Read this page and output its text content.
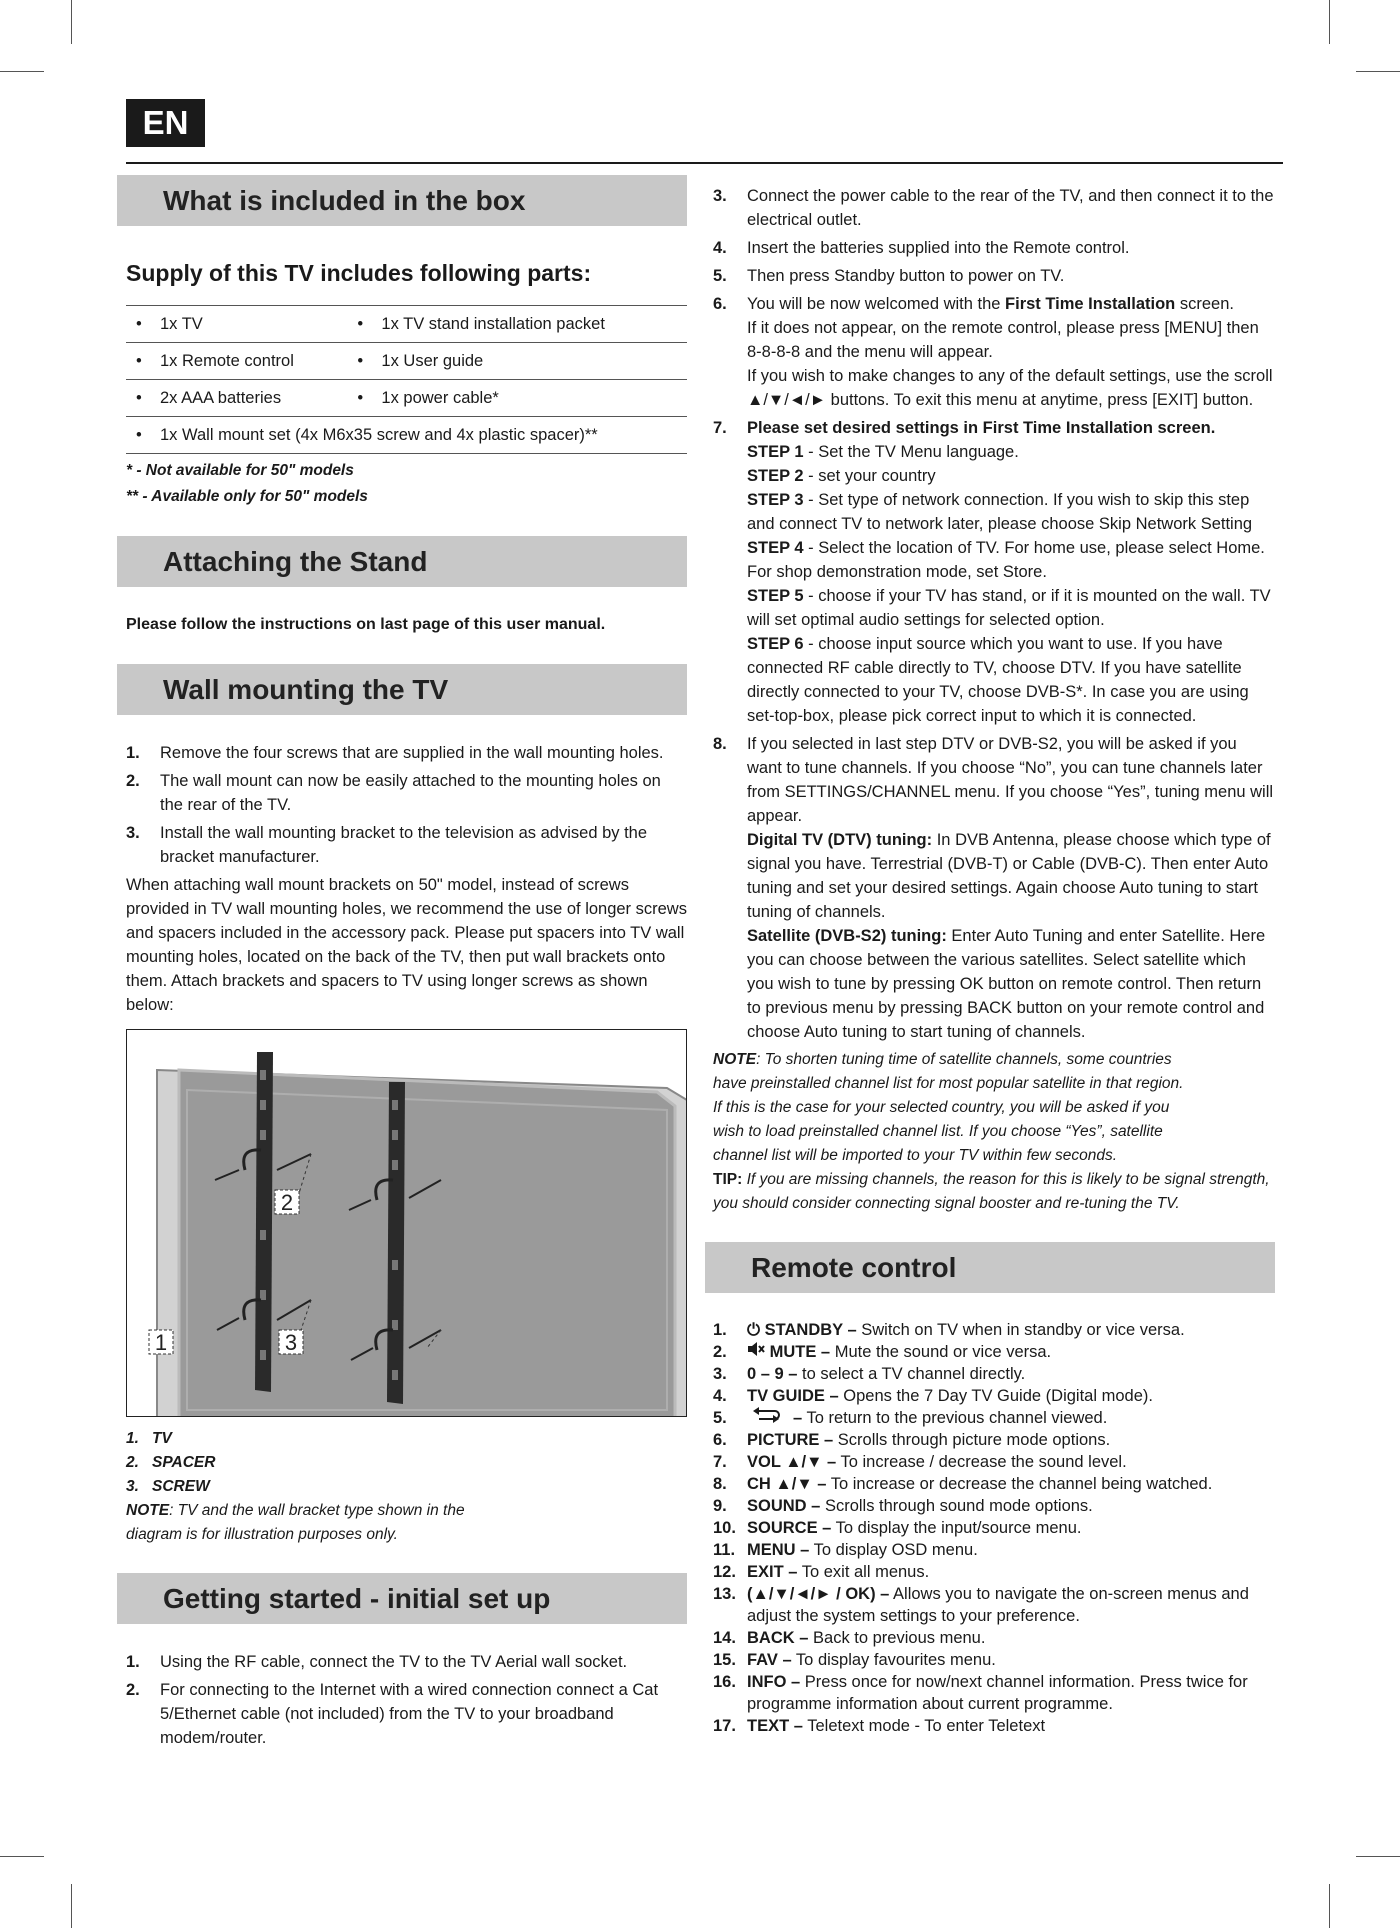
EN
What is included in the box
Supply of this TV includes following parts:
• 1x TV	• 1x TV stand installation packet
• 1x Remote control	• 1x User guide
• 2x AAA batteries	• 1x power cable*
• 1x Wall mount set (4x M6x35 screw and 4x plastic spacer)**	
* - Not available for 50" models
** - Available only for 50" models
Attaching the Stand

Please follow the instructions on last page of this user manual.

Wall mounting the TV
1.	Remove the four screws that are supplied in the wall mounting holes.
2.	The wall mount can now be easily attached to the mounting holes on the rear of the TV.
3.	Install the wall mounting bracket to the television as advised by the bracket manufacturer.

When attaching wall mount brackets on 50" model, instead of screws provided in TV wall mounting holes, we recommend the use of longer screws and spacers included in the accessory pack. Please put spacers into TV wall mounting holes, located on the back of the TV, then put wall brackets onto them. Attach brackets and spacers to TV using longer screws as shown below:

2
1	3
1. TV
2. SPACER
3. SCREW
NOTE: TV and the wall bracket type shown in the
diagram is for illustration purposes only.
Getting started - initial set up
1.	Using the RF cable, connect the TV to the TV Aerial wall socket.
2.	For connecting to the Internet with a wired connection connect a Cat 5/Ethernet cable (not included) from the TV to your broadband modem/router.
3.	Connect the power cable to the rear of the TV, and then connect it to the electrical outlet.
4.	Insert the batteries supplied into the Remote control.
5.	Then press Standby button to power on TV.
6.	You will be now welcomed with the First Time Installation screen.
If it does not appear, on the remote control, please press [MENU] then 8-8-8-8 and the menu will appear.
If you wish to make changes to any of the default settings, use the scroll ▲/▼/◄/► buttons. To exit this menu at anytime, press [EXIT] button.
7.	Please set desired settings in First Time Installation screen.
STEP 1 - Set the TV Menu language.
STEP 2 - set your country
STEP 3 - Set type of network connection. If you wish to skip this step and connect TV to network later, please choose Skip Network Setting
STEP 4 - Select the location of TV. For home use, please select Home. For shop demonstration mode, set Store.
STEP 5 - choose if your TV has stand, or if it is mounted on the wall. TV will set optimal audio settings for selected option.
STEP 6 - choose input source which you want to use. If you have connected RF cable directly to TV, choose DTV. If you have satellite directly connected to your TV, choose DVB-S*. In case you are using set-top-box, please pick correct input to which it is connected.
8.	If you selected in last step DTV or DVB-S2, you will be asked if you want to tune channels. If you choose “No”, you can tune channels later from SETTINGS/CHANNEL menu. If you choose “Yes”, tuning menu will appear.
Digital TV (DTV) tuning: In DVB Antenna, please choose which type of signal you have. Terrestrial (DVB-T) or Cable (DVB-C). Then enter Auto tuning and set your desired settings. Again choose Auto tuning to start tuning of channels.
Satellite (DVB-S2) tuning: Enter Auto Tuning and enter Satellite. Here you can choose between the various satellites. Select satellite which you wish to tune by pressing OK button on remote control. Then return to previous menu by pressing BACK button on your remote control and choose Auto tuning to start tuning of channels.
NOTE: To shorten tuning time of satellite channels, some countries
have preinstalled channel list for most popular satellite in that region.
If this is the case for your selected country, you will be asked if you
wish to load preinstalled channel list. If you choose “Yes”, satellite
channel list will be imported to your TV within few seconds.
TIP: If you are missing channels, the reason for this is likely to be signal strength, you should consider connecting signal booster and re-tuning the TV.
Remote control
1.	⏻ STANDBY – Switch on TV when in standby or vice versa.
2.	MUTE – Mute the sound or vice versa.
3.	0 – 9 – to select a TV channel directly.
4.	TV GUIDE – Opens the 7 Day TV Guide (Digital mode).
5.	– To return to the previous channel viewed.
6.	PICTURE – Scrolls through picture mode options.
7.	VOL ▲/▼ – To increase / decrease the sound level.
8.	CH ▲/▼ – To increase or decrease the channel being watched.
9.	SOUND – Scrolls through sound mode options.
10. SOURCE – To display the input/source menu.
11. MENU – To display OSD menu.
12. EXIT – To exit all menus.
13. (▲/▼/◄/► / OK) – Allows you to navigate the on-screen menus and adjust the system settings to your preference.
14. BACK – Back to previous menu.
15. FAV – To display favourites menu.
16. INFO – Press once for now/next channel information. Press twice for programme information about current programme.
17. TEXT – Teletext mode - To enter Teletext
